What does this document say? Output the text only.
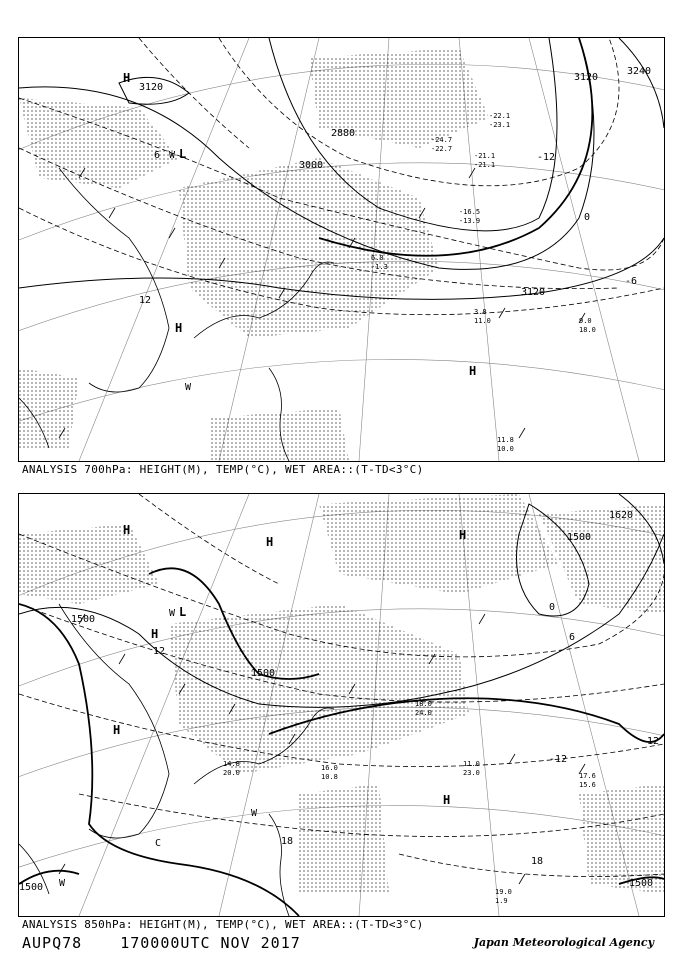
3120
2880
3000
3120
3120
3240
0
-6
-12
6
12
H
L
H
H
W
W
-22.1
-23.1
-21.1
-21.1
-24.7
-22.7
3.8
11.0	9.0
18.0
11.8
10.0
-16.5
-13.9
6.0
-1.3
ANALYSIS 700hPa: HEIGHT(M), TEMP(°C), WET AREA::(T-TD<3°C)
1500
1500
1500
1620
1500
1500
0
6
12
18
12
-12
18
H
H
L
H
H
H
H
W
W
W
C
11.0
23.0	17.6
15.6
19.0
1.9
18.0
24.0
16.0
10.8
14.8
20.0
ANALYSIS 850hPa: HEIGHT(M), TEMP(°C), WET AREA::(T-TD<3°C)
AUPQ78	170000UTC NOV 2017	Japan Meteorological Agency
